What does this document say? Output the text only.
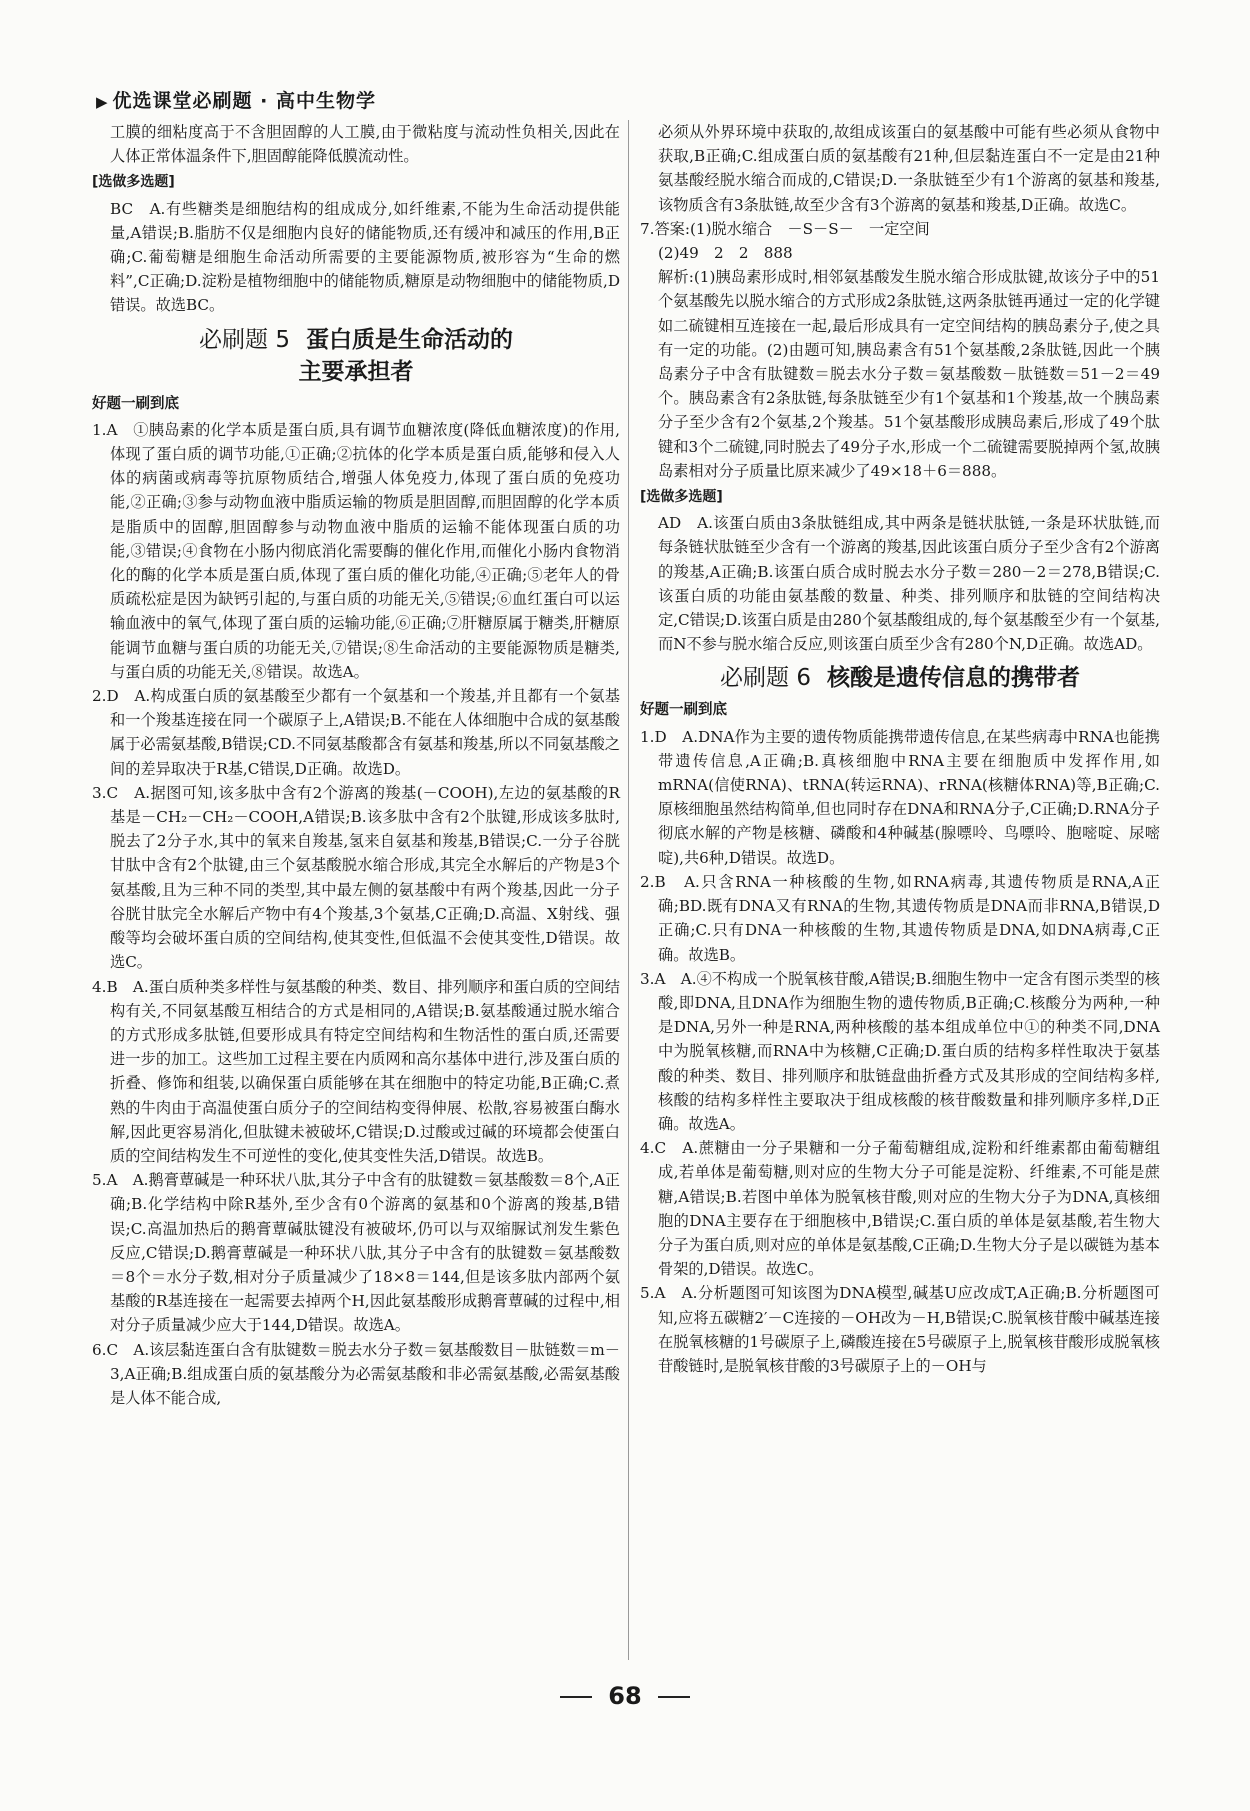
▶ 优选课堂必刷题 · 高中生物学

工膜的细粘度高于不含胆固醇的人工膜,由于微粘度与流动性负相关,因此在人体正常体温条件下,胆固醇能降低膜流动性。

[选做多选题]

BC　A.有些糖类是细胞结构的组成成分,如纤维素,不能为生命活动提供能量,A错误;B.脂肪不仅是细胞内良好的储能物质,还有缓冲和减压的作用,B正确;C.葡萄糖是细胞生命活动所需要的主要能源物质,被形容为“生命的燃料”,C正确;D.淀粉是植物细胞中的储能物质,糖原是动物细胞中的储能物质,D错误。故选BC。

必刷题 5 蛋白质是生命活动的
主要承担者
好题一刷到底

1.A　①胰岛素的化学本质是蛋白质,具有调节血糖浓度(降低血糖浓度)的作用,体现了蛋白质的调节功能,①正确;②抗体的化学本质是蛋白质,能够和侵入人体的病菌或病毒等抗原物质结合,增强人体免疫力,体现了蛋白质的免疫功能,②正确;③参与动物血液中脂质运输的物质是胆固醇,而胆固醇的化学本质是脂质中的固醇,胆固醇参与动物血液中脂质的运输不能体现蛋白质的功能,③错误;④食物在小肠内彻底消化需要酶的催化作用,而催化小肠内食物消化的酶的化学本质是蛋白质,体现了蛋白质的催化功能,④正确;⑤老年人的骨质疏松症是因为缺钙引起的,与蛋白质的功能无关,⑤错误;⑥血红蛋白可以运输血液中的氧气,体现了蛋白质的运输功能,⑥正确;⑦肝糖原属于糖类,肝糖原能调节血糖与蛋白质的功能无关,⑦错误;⑧生命活动的主要能源物质是糖类,与蛋白质的功能无关,⑧错误。故选A。

2.D　A.构成蛋白质的氨基酸至少都有一个氨基和一个羧基,并且都有一个氨基和一个羧基连接在同一个碳原子上,A错误;B.不能在人体细胞中合成的氨基酸属于必需氨基酸,B错误;CD.不同氨基酸都含有氨基和羧基,所以不同氨基酸之间的差异取决于R基,C错误,D正确。故选D。

3.C　A.据图可知,该多肽中含有2个游离的羧基(－COOH),左边的氨基酸的R基是－CH₂－CH₂－COOH,A错误;B.该多肽中含有2个肽键,形成该多肽时,脱去了2分子水,其中的氧来自羧基,氢来自氨基和羧基,B错误;C.一分子谷胱甘肽中含有2个肽键,由三个氨基酸脱水缩合形成,其完全水解后的产物是3个氨基酸,且为三种不同的类型,其中最左侧的氨基酸中有两个羧基,因此一分子谷胱甘肽完全水解后产物中有4个羧基,3个氨基,C正确;D.高温、X射线、强酸等均会破坏蛋白质的空间结构,使其变性,但低温不会使其变性,D错误。故选C。

4.B　A.蛋白质种类多样性与氨基酸的种类、数目、排列顺序和蛋白质的空间结构有关,不同氨基酸互相结合的方式是相同的,A错误;B.氨基酸通过脱水缩合的方式形成多肽链,但要形成具有特定空间结构和生物活性的蛋白质,还需要进一步的加工。这些加工过程主要在内质网和高尔基体中进行,涉及蛋白质的折叠、修饰和组装,以确保蛋白质能够在其在细胞中的特定功能,B正确;C.煮熟的牛肉由于高温使蛋白质分子的空间结构变得伸展、松散,容易被蛋白酶水解,因此更容易消化,但肽键未被破坏,C错误;D.过酸或过碱的环境都会使蛋白质的空间结构发生不可逆性的变化,使其变性失活,D错误。故选B。

5.A　A.鹅膏蕈碱是一种环状八肽,其分子中含有的肽键数＝氨基酸数＝8个,A正确;B.化学结构中除R基外,至少含有0个游离的氨基和0个游离的羧基,B错误;C.高温加热后的鹅膏蕈碱肽键没有被破坏,仍可以与双缩脲试剂发生紫色反应,C错误;D.鹅膏蕈碱是一种环状八肽,其分子中含有的肽键数＝氨基酸数＝8个＝水分子数,相对分子质量减少了18×8＝144,但是该多肽内部两个氨基酸的R基连接在一起需要去掉两个H,因此氨基酸形成鹅膏蕈碱的过程中,相对分子质量减少应大于144,D错误。故选A。

6.C　A.该层黏连蛋白含有肽键数＝脱去水分子数＝氨基酸数目－肽链数＝m－3,A正确;B.组成蛋白质的氨基酸分为必需氨基酸和非必需氨基酸,必需氨基酸是人体不能合成,

必须从外界环境中获取的,故组成该蛋白的氨基酸中可能有些必须从食物中获取,B正确;C.组成蛋白质的氨基酸有21种,但层黏连蛋白不一定是由21种氨基酸经脱水缩合而成的,C错误;D.一条肽链至少有1个游离的氨基和羧基,该物质含有3条肽链,故至少含有3个游离的氨基和羧基,D正确。故选C。

7.答案:(1)脱水缩合　－S－S－　一定空间

(2)49　2　2　888

解析:(1)胰岛素形成时,相邻氨基酸发生脱水缩合形成肽键,故该分子中的51个氨基酸先以脱水缩合的方式形成2条肽链,这两条肽链再通过一定的化学键如二硫键相互连接在一起,最后形成具有一定空间结构的胰岛素分子,使之具有一定的功能。(2)由题可知,胰岛素含有51个氨基酸,2条肽链,因此一个胰岛素分子中含有肽键数＝脱去水分子数＝氨基酸数－肽链数＝51－2＝49个。胰岛素含有2条肽链,每条肽链至少有1个氨基和1个羧基,故一个胰岛素分子至少含有2个氨基,2个羧基。51个氨基酸形成胰岛素后,形成了49个肽键和3个二硫键,同时脱去了49分子水,形成一个二硫键需要脱掉两个氢,故胰岛素相对分子质量比原来减少了49×18＋6＝888。

[选做多选题]

AD　A.该蛋白质由3条肽链组成,其中两条是链状肽链,一条是环状肽链,而每条链状肽链至少含有一个游离的羧基,因此该蛋白质分子至少含有2个游离的羧基,A正确;B.该蛋白质合成时脱去水分子数＝280－2＝278,B错误;C.该蛋白质的功能由氨基酸的数量、种类、排列顺序和肽链的空间结构决定,C错误;D.该蛋白质是由280个氨基酸组成的,每个氨基酸至少有一个氨基,而N不参与脱水缩合反应,则该蛋白质至少含有280个N,D正确。故选AD。

必刷题 6 核酸是遗传信息的携带者
好题一刷到底

1.D　A.DNA作为主要的遗传物质能携带遗传信息,在某些病毒中RNA也能携带遗传信息,A正确;B.真核细胞中RNA主要在细胞质中发挥作用,如mRNA(信使RNA)、tRNA(转运RNA)、rRNA(核糖体RNA)等,B正确;C.原核细胞虽然结构简单,但也同时存在DNA和RNA分子,C正确;D.RNA分子彻底水解的产物是核糖、磷酸和4种碱基(腺嘌呤、鸟嘌呤、胞嘧啶、尿嘧啶),共6种,D错误。故选D。

2.B　A.只含RNA一种核酸的生物,如RNA病毒,其遗传物质是RNA,A正确;BD.既有DNA又有RNA的生物,其遗传物质是DNA而非RNA,B错误,D正确;C.只有DNA一种核酸的生物,其遗传物质是DNA,如DNA病毒,C正确。故选B。

3.A　A.④不构成一个脱氧核苷酸,A错误;B.细胞生物中一定含有图示类型的核酸,即DNA,且DNA作为细胞生物的遗传物质,B正确;C.核酸分为两种,一种是DNA,另外一种是RNA,两种核酸的基本组成单位中①的种类不同,DNA中为脱氧核糖,而RNA中为核糖,C正确;D.蛋白质的结构多样性取决于氨基酸的种类、数目、排列顺序和肽链盘曲折叠方式及其形成的空间结构多样,核酸的结构多样性主要取决于组成核酸的核苷酸数量和排列顺序多样,D正确。故选A。

4.C　A.蔗糖由一分子果糖和一分子葡萄糖组成,淀粉和纤维素都由葡萄糖组成,若单体是葡萄糖,则对应的生物大分子可能是淀粉、纤维素,不可能是蔗糖,A错误;B.若图中单体为脱氧核苷酸,则对应的生物大分子为DNA,真核细胞的DNA主要存在于细胞核中,B错误;C.蛋白质的单体是氨基酸,若生物大分子为蛋白质,则对应的单体是氨基酸,C正确;D.生物大分子是以碳链为基本骨架的,D错误。故选C。

5.A　A.分析题图可知该图为DNA模型,碱基U应改成T,A正确;B.分析题图可知,应将五碳糖2′－C连接的－OH改为－H,B错误;C.脱氧核苷酸中碱基连接在脱氧核糖的1号碳原子上,磷酸连接在5号碳原子上,脱氧核苷酸形成脱氧核苷酸链时,是脱氧核苷酸的3号碳原子上的－OH与

68
